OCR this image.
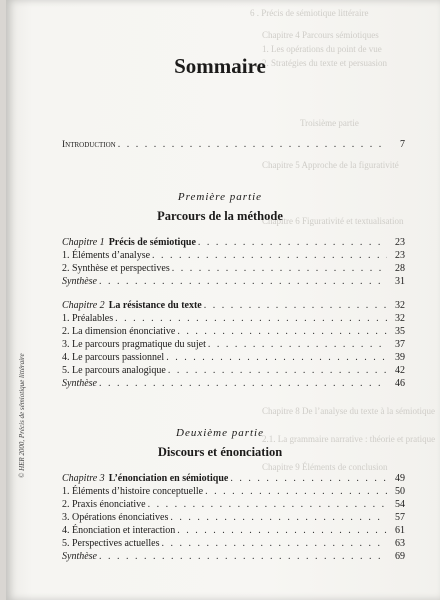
6 . Précis de sémiotique littéraire
Chapitre 4 Parcours sémiotiques
1. Les opérations du point de vue
2. Stratégies du texte et persuasion
Troisième partie
Chapitre 5 Approche de la figurativité
Chapitre 6 Figurativité et textualisation
Chapitre 8 De l’analyse du texte à la sémiotique
2.1. La grammaire narrative : théorie et pratique
Chapitre 9 Éléments de conclusion
Sommaire
© HER 2000, Précis de sémiotique littéraire
Introduction . . .	7
Première partie
Parcours de la méthode
Chapitre 1 Précis de sémiotique . . .	23
1. Éléments d’analyse . . .	23
2. Synthèse et perspectives . . .	28
Synthèse . . .	31
Chapitre 2 La résistance du texte . . .	32
1. Préalables . . .	32
2. La dimension énonciative . . .	35
3. Le parcours pragmatique du sujet . . .	37
4. Le parcours passionnel . . .	39
5. Le parcours analogique . . .	42
Synthèse . . .	46
Deuxième partie
Discours et énonciation
Chapitre 3 L’énonciation en sémiotique . . .	49
1. Éléments d’histoire conceptuelle . . .	50
2. Praxis énonciative . . .	54
3. Opérations énonciatives . . .	57
4. Énonciation et interaction . . .	61
5. Perspectives actuelles . . .	63
Synthèse . . .	69
